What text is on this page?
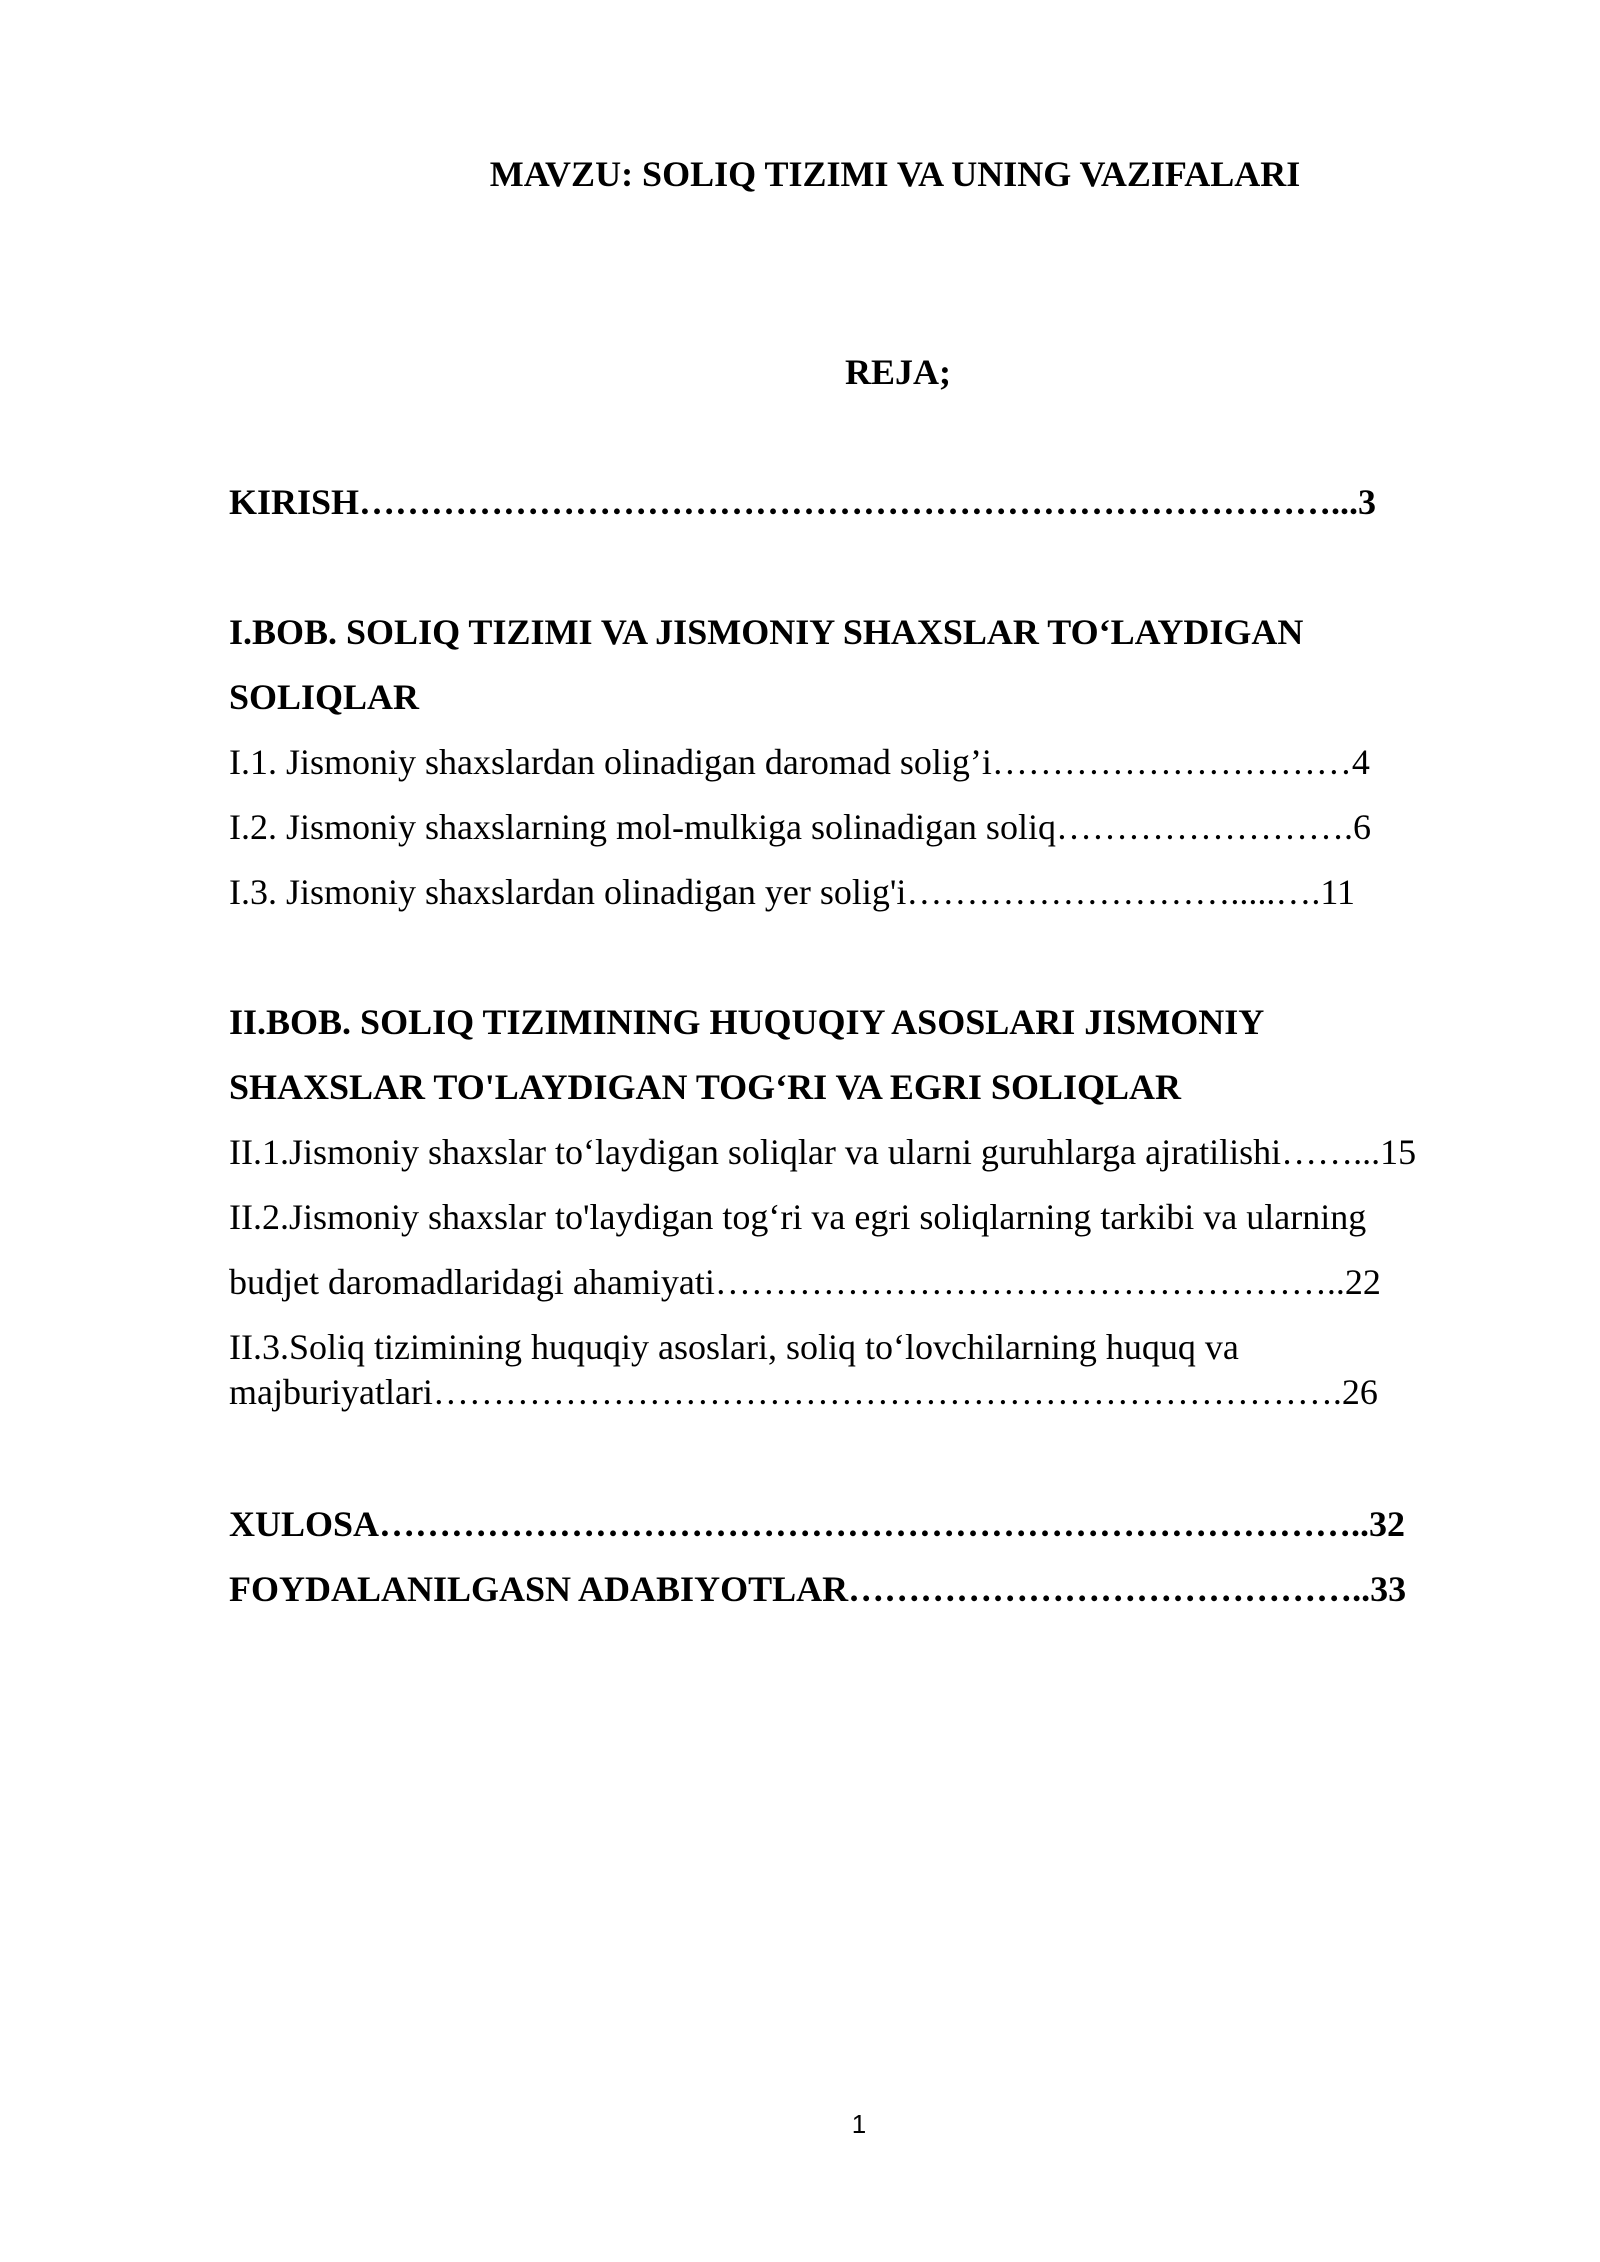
MAVZU: SOLIQ TIZIMI VA UNING VAZIFALARI
REJA;
KIRISH………………………………………………………………………...3
I.BOB. SOLIQ TIZIMI VA JISMONIY SHAXSLAR TO‘LAYDIGAN
SOLIQLAR
I.1. Jismoniy shaxslardan olinadigan daromad solig’i…………………………4
I.2. Jismoniy shaxslarning mol-mulkiga solinadigan soliq…………………….6
I.3. Jismoniy shaxslardan olinadigan yer solig'i……………………….....….11
II.BOB. SOLIQ TIZIMINING HUQUQIY ASOSLARI JISMONIY
SHAXSLAR TO'LAYDIGAN TOG‘RI VA EGRI SOLIQLAR
II.1.Jismoniy shaxslar to‘laydigan soliqlar va ularni guruhlarga ajratilishi……...15
II.2.Jismoniy shaxslar to'laydigan tog‘ri va egri soliqlarning tarkibi va ularning
budjet daromadlaridagi ahamiyati……………………………………………..22
II.3.Soliq tizimining huquqiy asoslari, soliq to‘lovchilarning huquq va
majburiyatlari………………………………………………………………….26
XULOSA………………………………………………………………………..32
FOYDALANILGASN ADABIYOTLAR……………………………………..33
1
